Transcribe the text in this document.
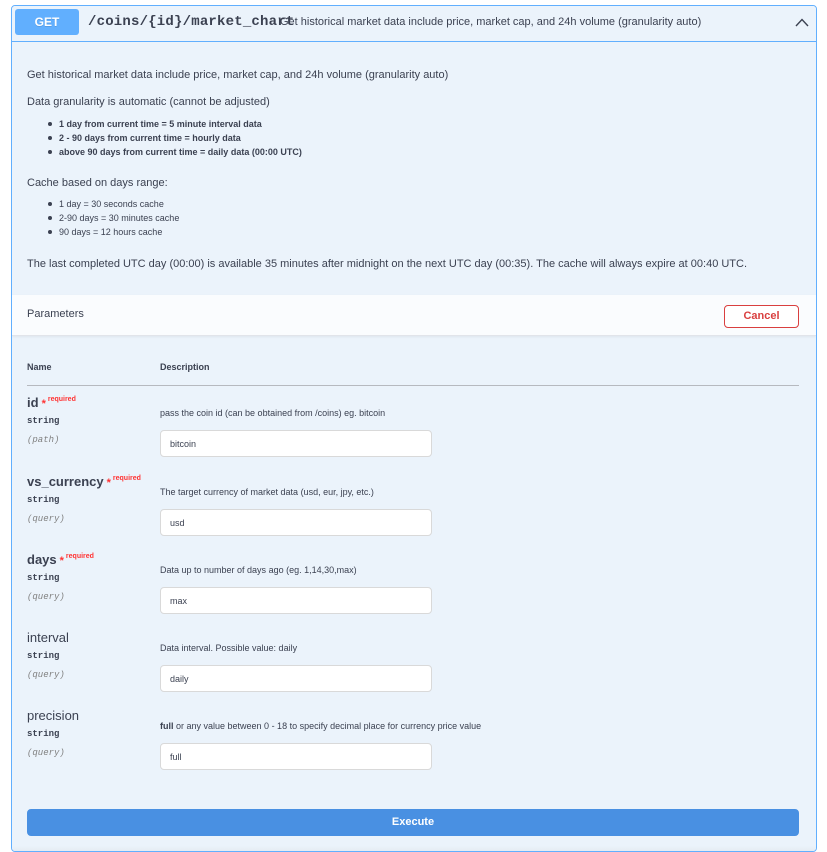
GET	/coins/{id}/market_chart
Get historical market data include price, market cap, and 24h volume (granularity auto)

Get historical market data include price, market cap, and 24h volume (granularity auto)

Data granularity is automatic (cannot be adjusted)

1 day from current time = 5 minute interval data
2 - 90 days from current time = hourly data
above 90 days from current time = daily data (00:00 UTC)

Cache based on days range:

1 day = 30 seconds cache
2-90 days = 30 minutes cache
90 days = 12 hours cache

The last completed UTC day (00:00) is available 35 minutes after midnight on the next UTC day (00:35). The cache will always expire at 00:40 UTC.

Parameters	Cancel
Name	Description
id * $^{required}$
string
(path)
pass the coin id (can be obtained from /coins) eg. bitcoin
bitcoin
vs_currency * $^{required}$
string
(query)
The target currency of market data (usd, eur, jpy, etc.)
usd
days * $^{required}$
string
(query)
Data up to number of days ago (eg. 1,14,30,max)
max
interval
string
(query)
Data interval. Possible value: daily
daily
precision
string
(query)
full or any value between 0 - 18 to specify decimal place for currency price value
full
Execute
